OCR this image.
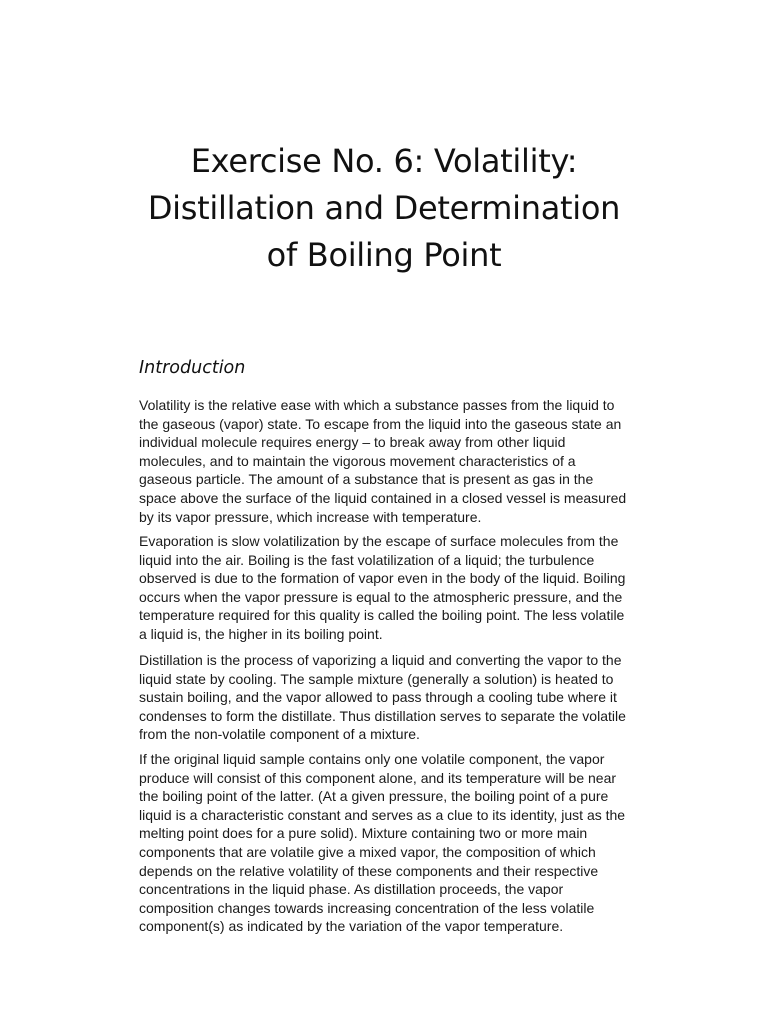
Exercise No. 6: Volatility: Distillation and Determination of Boiling Point
Introduction

Volatility is the relative ease with which a substance passes from the liquid to the gaseous (vapor) state. To escape from the liquid into the gaseous state an individual molecule requires energy – to break away from other liquid molecules, and to maintain the vigorous movement characteristics of a gaseous particle. The amount of a substance that is present as gas in the space above the surface of the liquid contained in a closed vessel is measured by its vapor pressure, which increase with temperature.

Evaporation is slow volatilization by the escape of surface molecules from the liquid into the air. Boiling is the fast volatilization of a liquid; the turbulence observed is due to the formation of vapor even in the body of the liquid. Boiling occurs when the vapor pressure is equal to the atmospheric pressure, and the temperature required for this quality is called the boiling point. The less volatile a liquid is, the higher in its boiling point.

Distillation is the process of vaporizing a liquid and converting the vapor to the liquid state by cooling. The sample mixture (generally a solution) is heated to sustain boiling, and the vapor allowed to pass through a cooling tube where it condenses to form the distillate. Thus distillation serves to separate the volatile from the non-volatile component of a mixture.

If the original liquid sample contains only one volatile component, the vapor produce will consist of this component alone, and its temperature will be near the boiling point of the latter. (At a given pressure, the boiling point of a pure liquid is a characteristic constant and serves as a clue to its identity, just as the melting point does for a pure solid). Mixture containing two or more main components that are volatile give a mixed vapor, the composition of which depends on the relative volatility of these components and their respective concentrations in the liquid phase. As distillation proceeds, the vapor composition changes towards increasing concentration of the less volatile component(s) as indicated by the variation of the vapor temperature.
